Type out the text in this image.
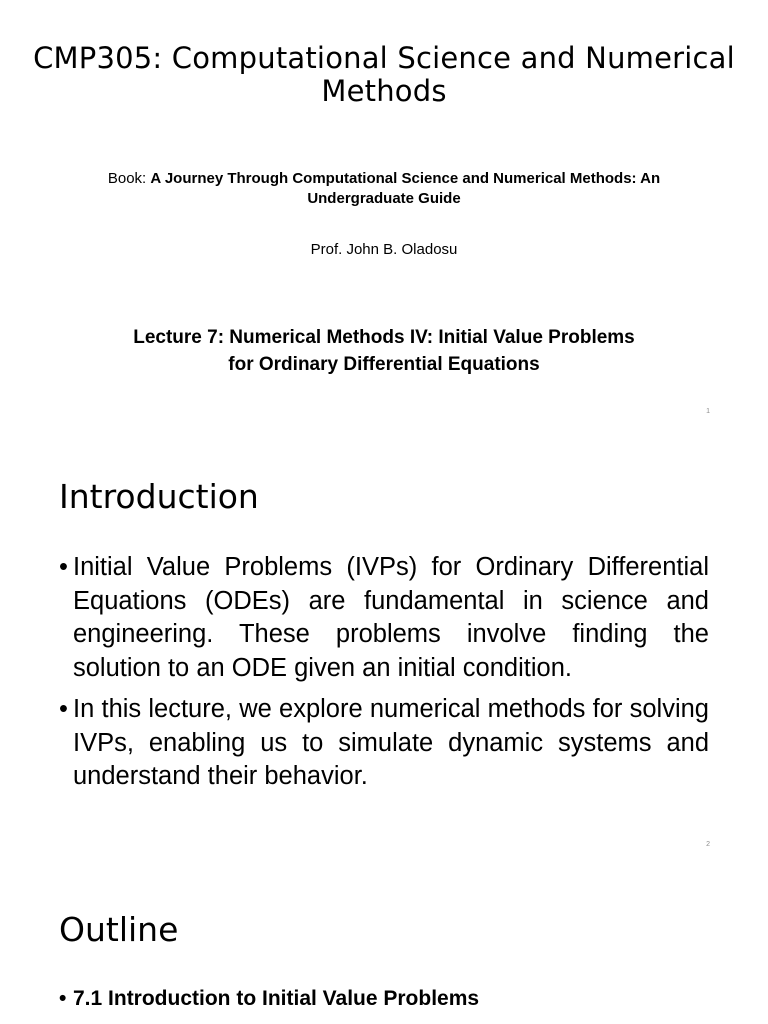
CMP305: Computational Science and Numerical Methods
Book: A Journey Through Computational Science and Numerical Methods: An Undergraduate Guide
Prof. John B. Oladosu
Lecture 7: Numerical Methods IV: Initial Value Problems for Ordinary Differential Equations
1
Introduction
• Initial Value Problems (IVPs) for Ordinary Differential Equations (ODEs) are fundamental in science and engineering. These problems involve finding the solution to an ODE given an initial condition.
• In this lecture, we explore numerical methods for solving IVPs, enabling us to simulate dynamic systems and understand their behavior.
2
Outline
• 7.1 Introduction to Initial Value Problems
